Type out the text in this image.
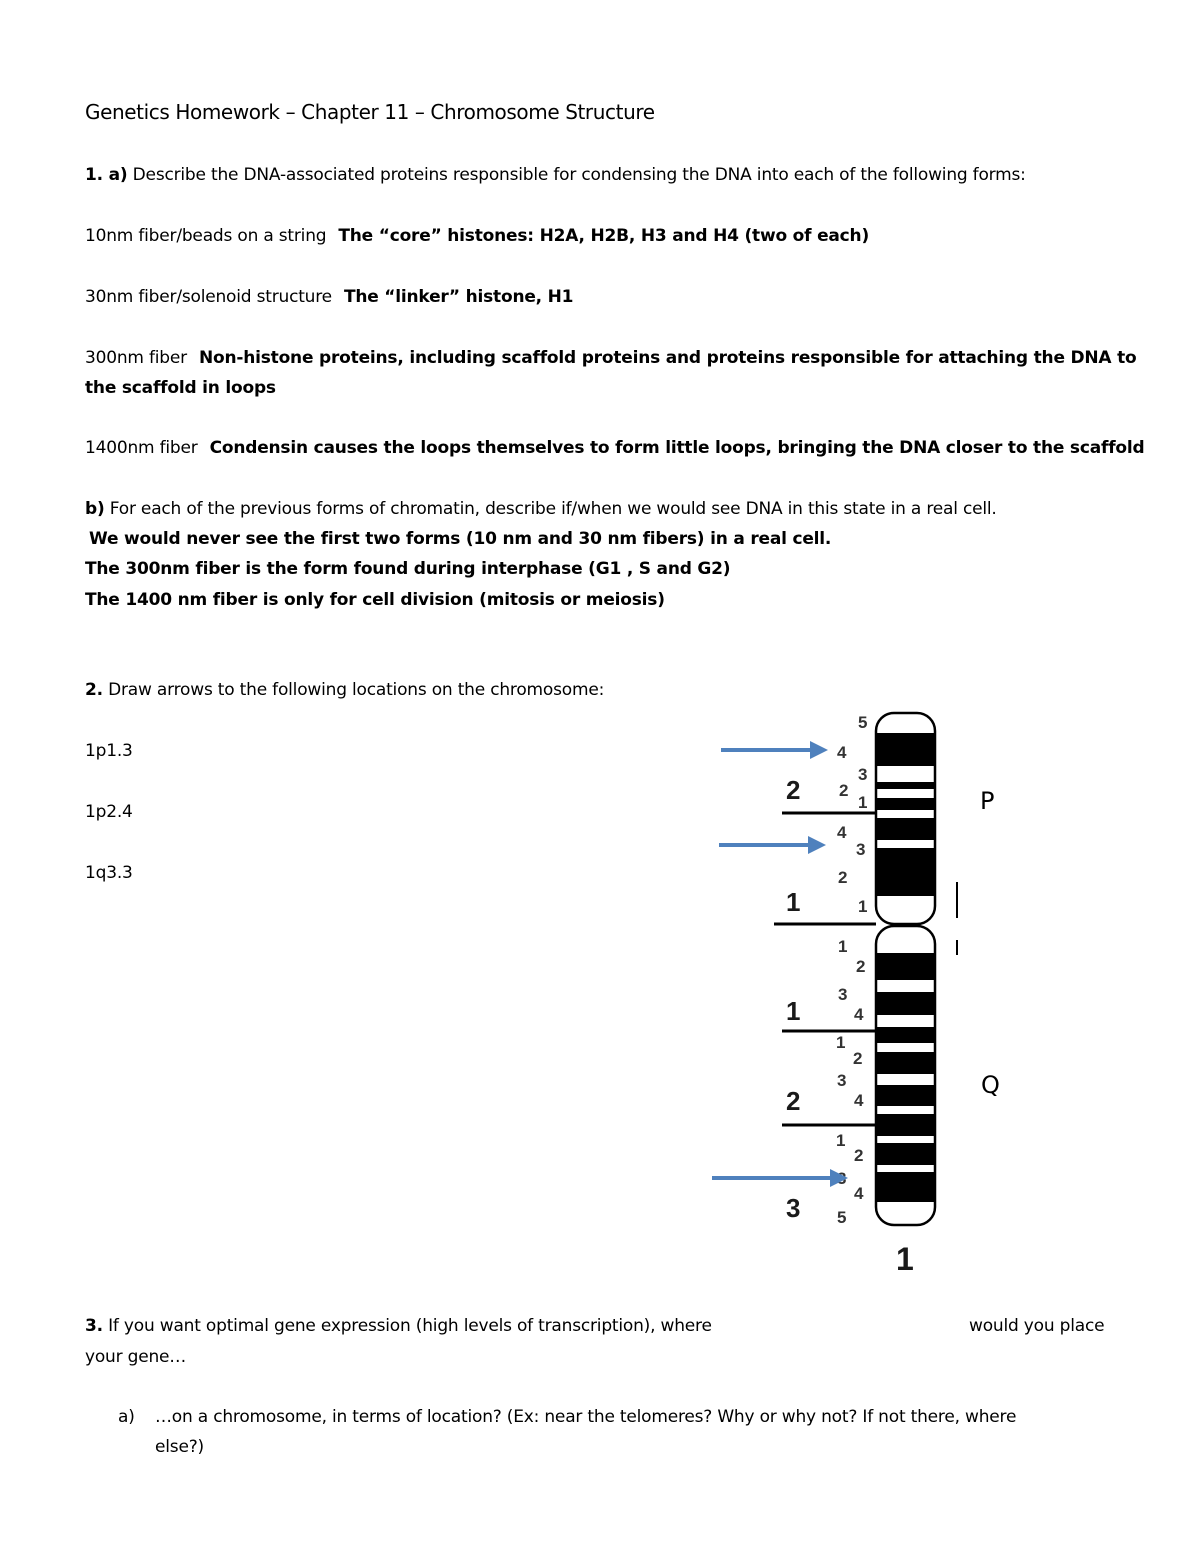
Genetics Homework – Chapter 11 – Chromosome Structure
1. a) Describe the DNA-associated proteins responsible for condensing the DNA into each of the following forms:
10nm fiber/beads on a string The “core” histones: H2A, H2B, H3 and H4 (two of each)
30nm fiber/solenoid structure The “linker” histone, H1
300nm fiber Non-histone proteins, including scaffold proteins and proteins responsible for attaching the DNA to
the scaffold in loops
1400nm fiber Condensin causes the loops themselves to form little loops, bringing the DNA closer to the scaffold
b) For each of the previous forms of chromatin, describe if/when we would see DNA in this state in a real cell.
We would never see the first two forms (10 nm and 30 nm fibers) in a real cell.
The 300nm fiber is the form found during interphase (G1 , S and G2)
The 1400 nm fiber is only for cell division (mitosis or meiosis)
2. Draw arrows to the following locations on the chromosome:
1p1.3
1p2.4
1q3.3
2
1
1
2
3
5
4
3
2
1
4
3
2
1
1
2
3
4
1
2
3
4
1
2
4
5
1
P
Q
3. If you want optimal gene expression (high levels of transcription), where	would you place
your gene…
a) …on a chromosome, in terms of location? (Ex: near the telomeres? Why or why not? If not there, where
else?)
